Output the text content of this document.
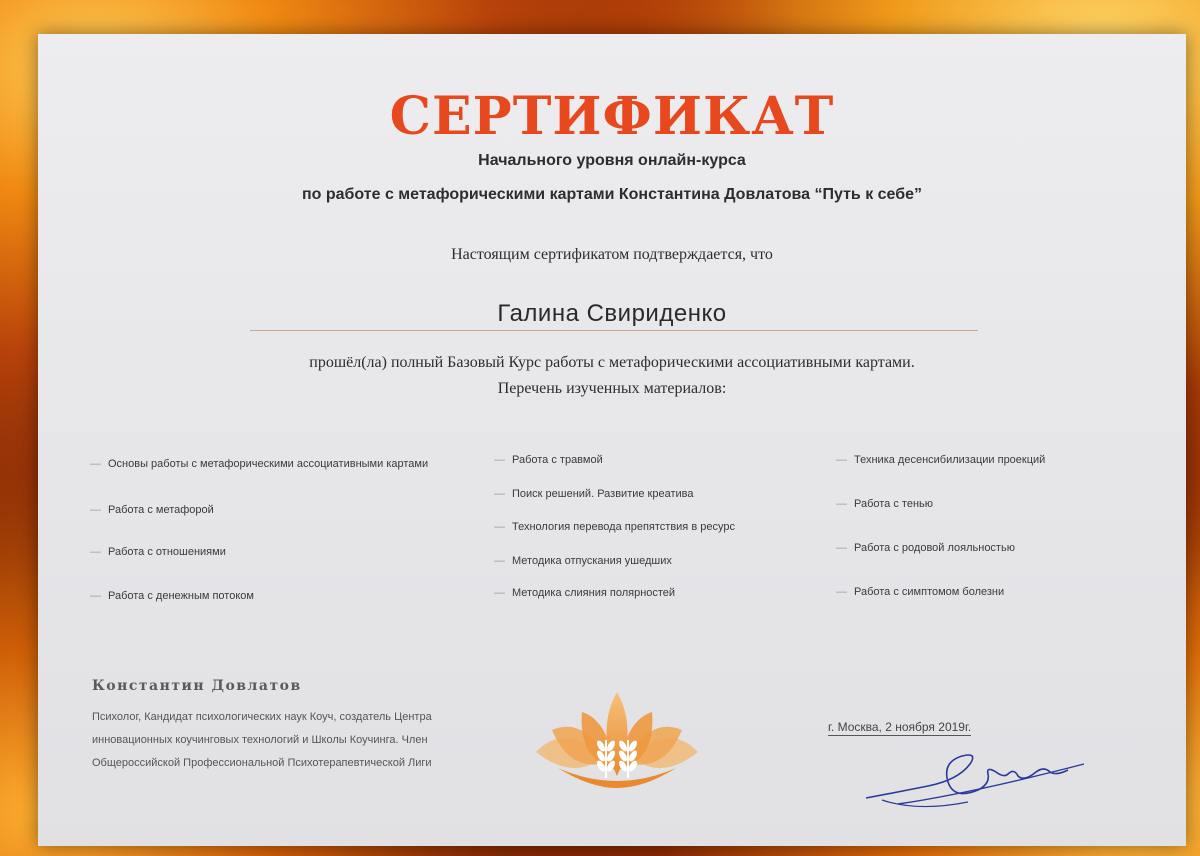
СЕРТИФИКАТ
Начального уровня онлайн-курса
по работе с метафорическими картами Константина Довлатова “Путь к себе”
Настоящим сертификатом подтверждается, что
Галина Свириденко
прошёл(ла) полный Базовый Курс работы с метафорическими ассоциативными картами.
Перечень изученных материалов:
— Основы работы с метафорическими ассоциативными картами
— Работа с метафорой
— Работа с отношениями
— Работа с денежным потоком
— Работа с травмой
— Поиск решений. Развитие креатива
— Технология перевода препятствия в ресурс
— Методика отпускания ушедших
— Методика слияния полярностей
— Техника десенсибилизации проекций
— Работа с тенью
— Работа с родовой лояльностью
— Работа с симптомом болезни
Константин Довлатов
Психолог, Кандидат психологических наук Коуч, создатель Центра инновационных коучинговых технологий и Школы Коучинга. Член Общероссийской Профессиональной Психотерапевтической Лиги
г. Москва, 2 ноября 2019г.
